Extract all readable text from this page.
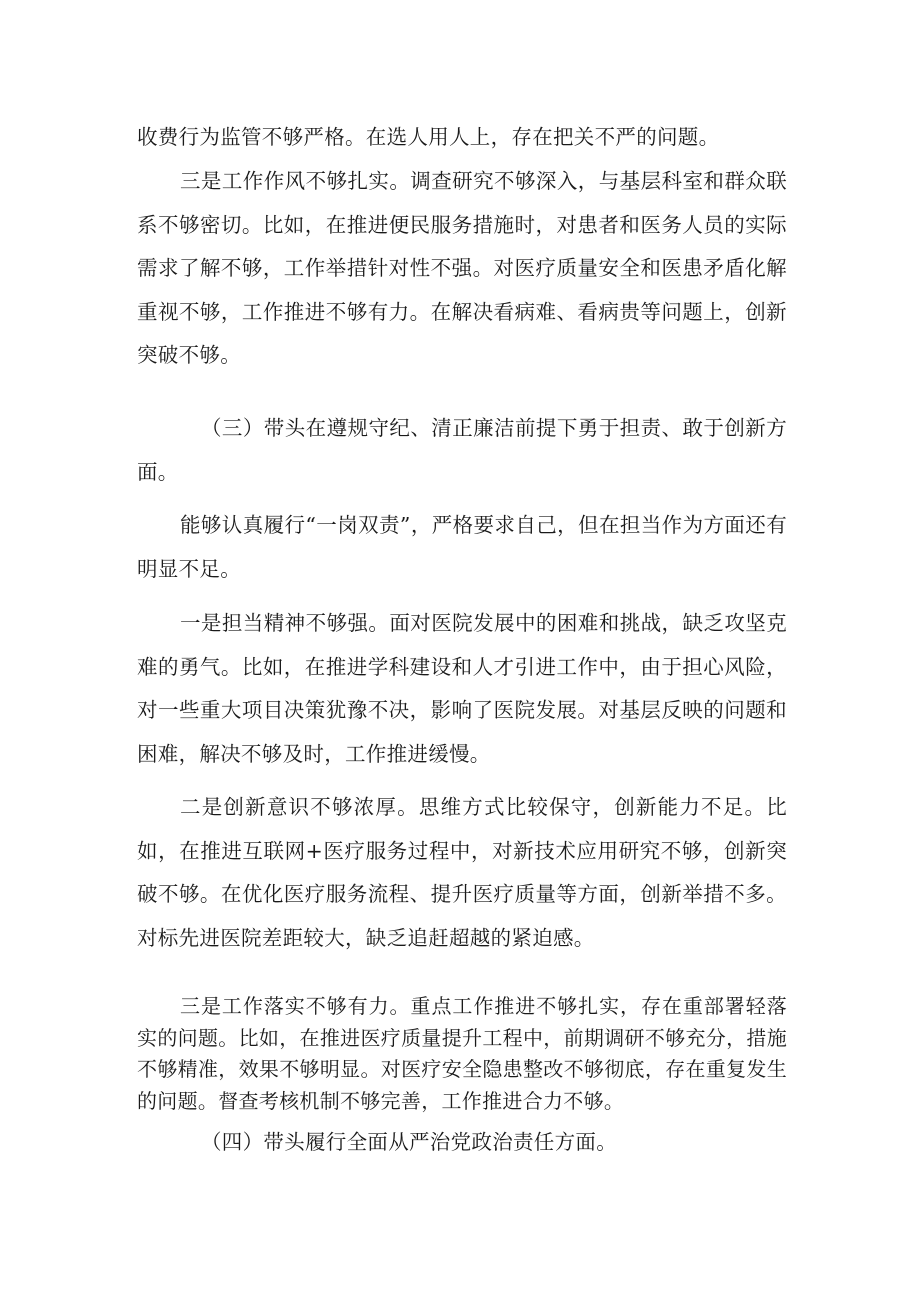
收费行为监管不够严格。在选人用人上，存在把关不严的问题。

三是工作作风不够扎实。调查研究不够深入，与基层科室和群众联系不够密切。比如，在推进便民服务措施时，对患者和医务人员的实际需求了解不够，工作举措针对性不强。对医疗质量安全和医患矛盾化解重视不够，工作推进不够有力。在解决看病难、看病贵等问题上，创新突破不够。

（三）带头在遵规守纪、清正廉洁前提下勇于担责、敢于创新方面。

能够认真履行“一岗双责”，严格要求自己，但在担当作为方面还有明显不足。

一是担当精神不够强。面对医院发展中的困难和挑战，缺乏攻坚克难的勇气。比如，在推进学科建设和人才引进工作中，由于担心风险，对一些重大项目决策犹豫不决，影响了医院发展。对基层反映的问题和困难，解决不够及时，工作推进缓慢。

二是创新意识不够浓厚。思维方式比较保守，创新能力不足。比如，在推进互联网+医疗服务过程中，对新技术应用研究不够，创新突破不够。在优化医疗服务流程、提升医疗质量等方面，创新举措不多。对标先进医院差距较大，缺乏追赶超越的紧迫感。

三是工作落实不够有力。重点工作推进不够扎实，存在重部署轻落实的问题。比如，在推进医疗质量提升工程中，前期调研不够充分，措施不够精准，效果不够明显。对医疗安全隐患整改不够彻底，存在重复发生的问题。督查考核机制不够完善，工作推进合力不够。

（四）带头履行全面从严治党政治责任方面。
